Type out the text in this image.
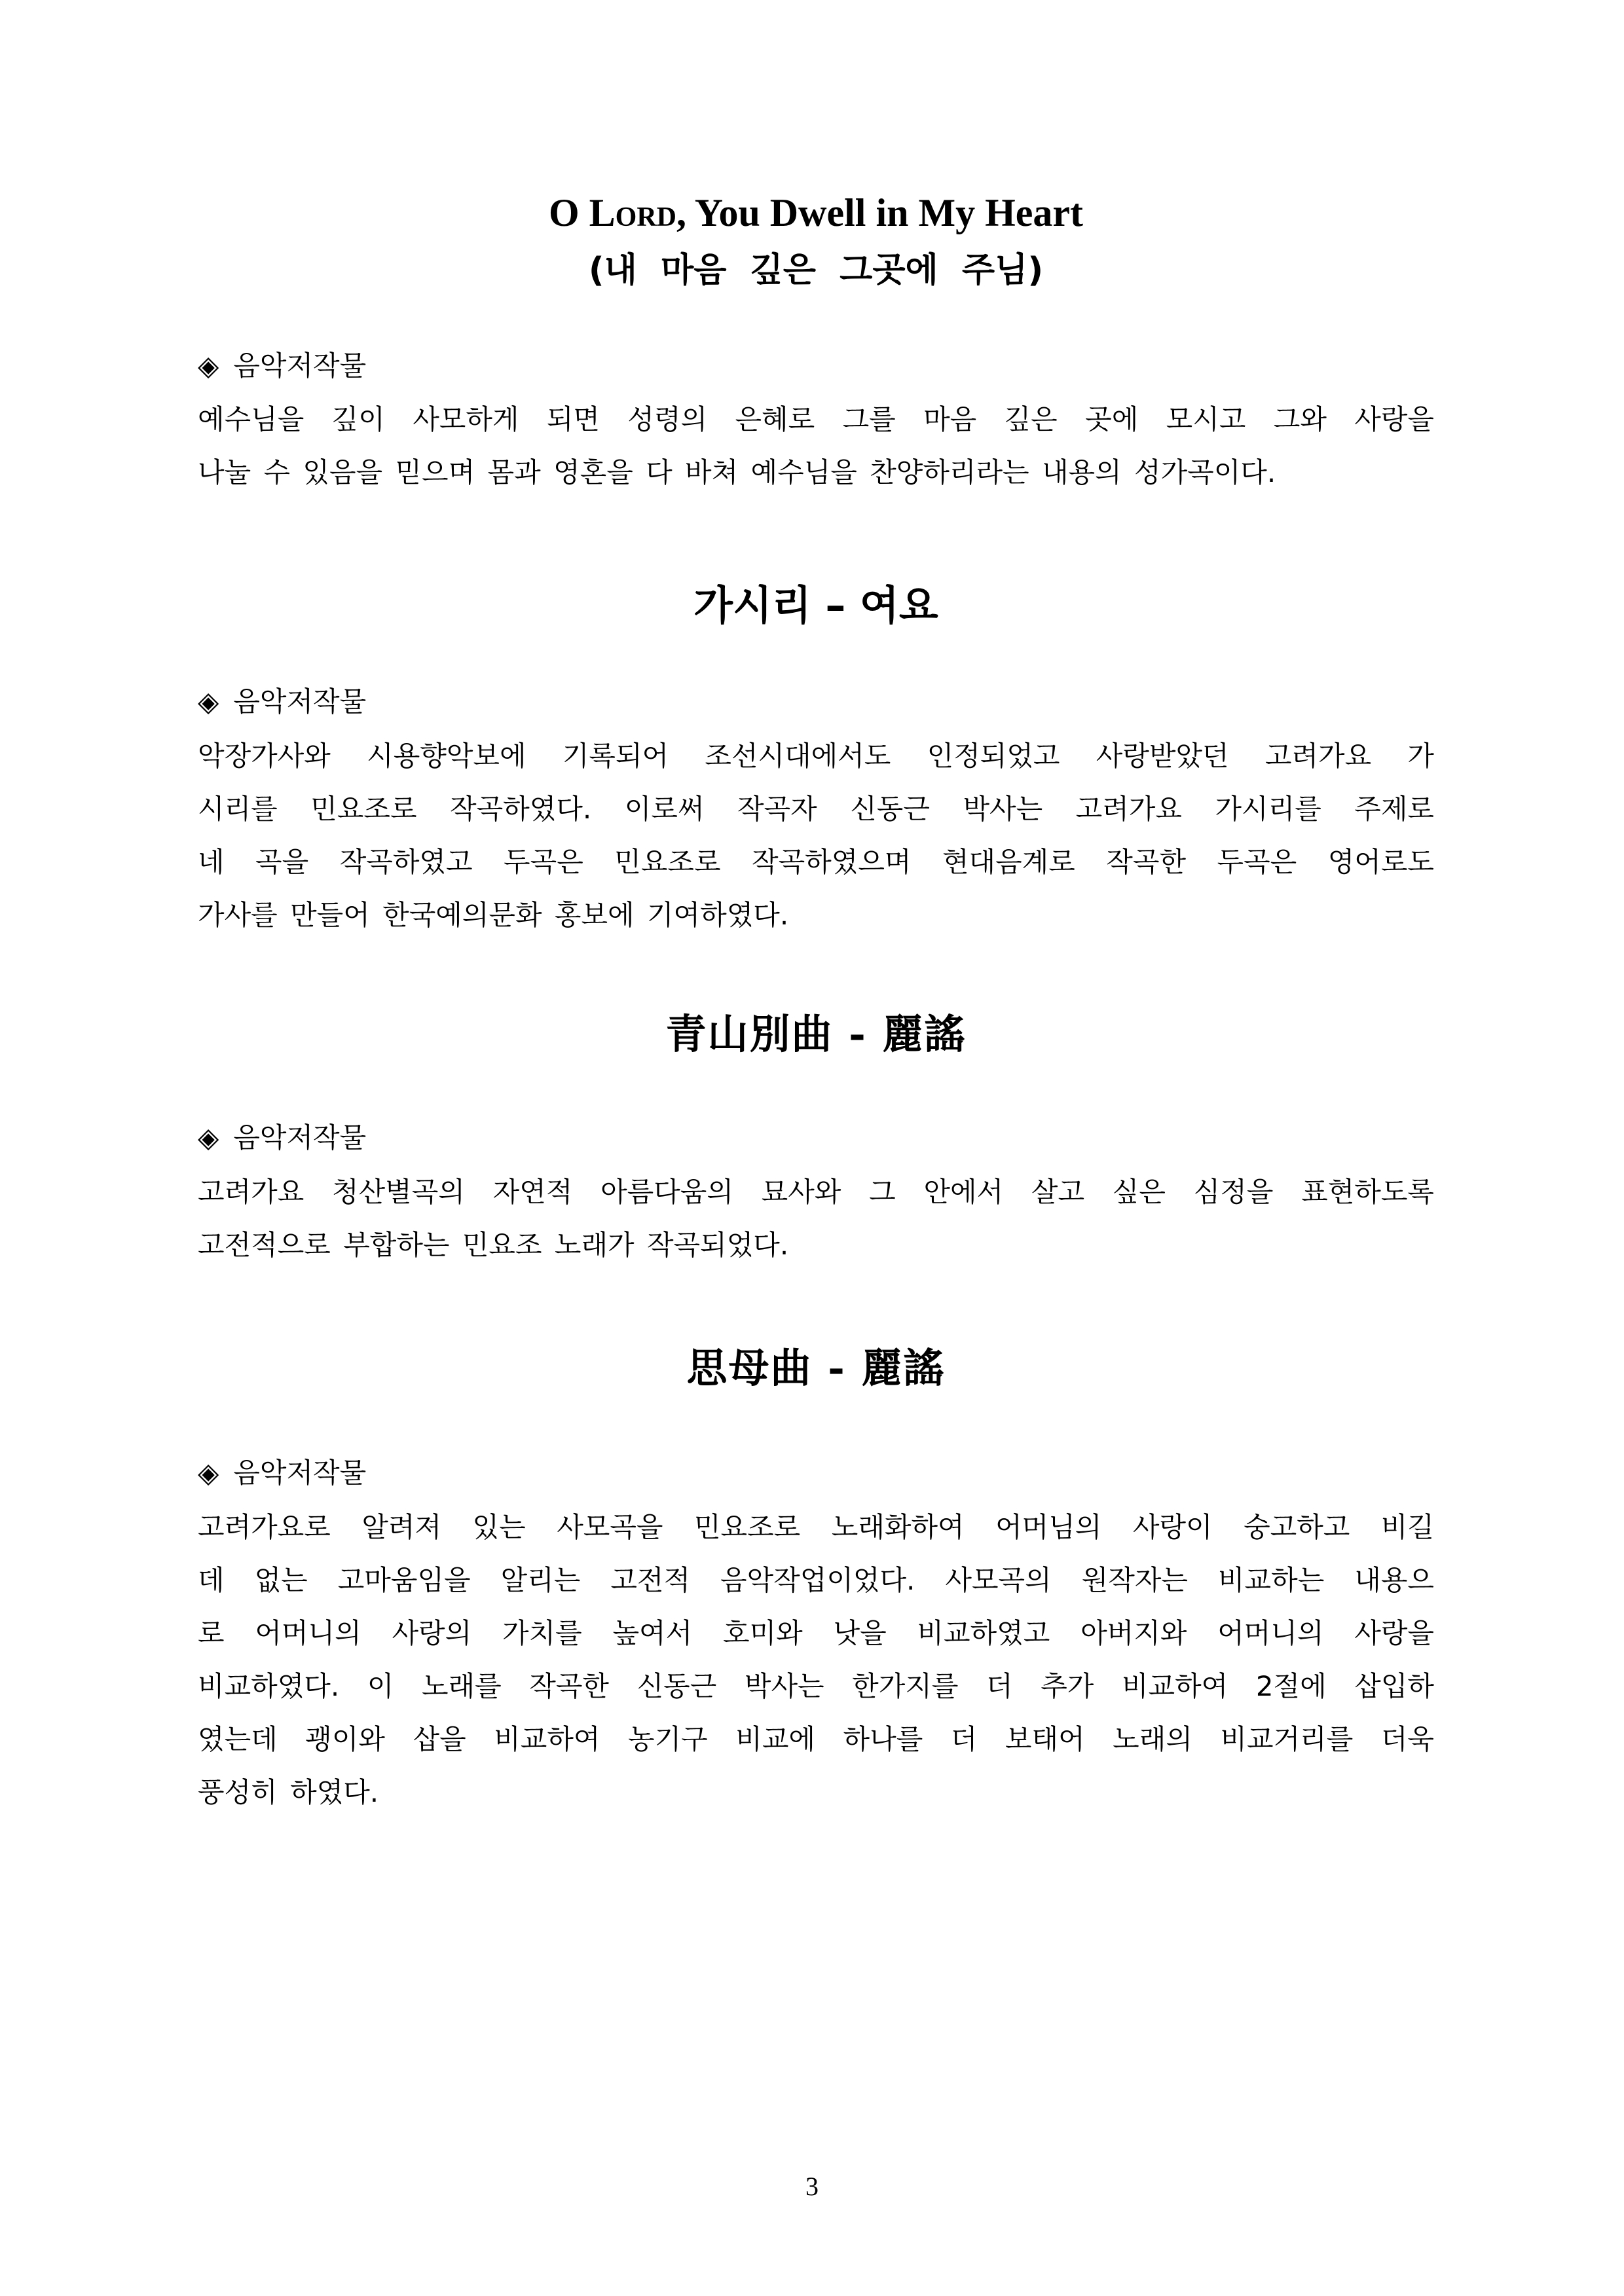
O Lord, You Dwell in My Heart
(내 마음 깊은 그곳에 주님)
◈ 음악저작물
예수님을 깊이 사모하게 되면 성령의 은혜로 그를 마음 깊은 곳에 모시고 그와 사랑을
나눌 수 있음을 믿으며 몸과 영혼을 다 바쳐 예수님을 찬양하리라는 내용의 성가곡이다.
가시리 – 여요
◈ 음악저작물
악장가사와 시용향악보에 기록되어 조선시대에서도 인정되었고 사랑받았던 고려가요 가
시리를 민요조로 작곡하였다. 이로써 작곡자 신동근 박사는 고려가요 가시리를 주제로
네 곡을 작곡하였고 두곡은 민요조로 작곡하였으며 현대음계로 작곡한 두곡은 영어로도
가사를 만들어 한국예의문화 홍보에 기여하였다.
青山別曲 - 麗謠
◈ 음악저작물
고려가요 청산별곡의 자연적 아름다움의 묘사와 그 안에서 살고 싶은 심정을 표현하도록
고전적으로 부합하는 민요조 노래가 작곡되었다.
思母曲 - 麗謠
◈ 음악저작물
고려가요로 알려져 있는 사모곡을 민요조로 노래화하여 어머님의 사랑이 숭고하고 비길
데 없는 고마움임을 알리는 고전적 음악작업이었다. 사모곡의 원작자는 비교하는 내용으
로 어머니의 사랑의 가치를 높여서 호미와 낫을 비교하였고 아버지와 어머니의 사랑을
비교하였다. 이 노래를 작곡한 신동근 박사는 한가지를 더 추가 비교하여 2절에 삽입하
였는데 괭이와 삽을 비교하여 농기구 비교에 하나를 더 보태어 노래의 비교거리를 더욱
풍성히 하였다.
3
